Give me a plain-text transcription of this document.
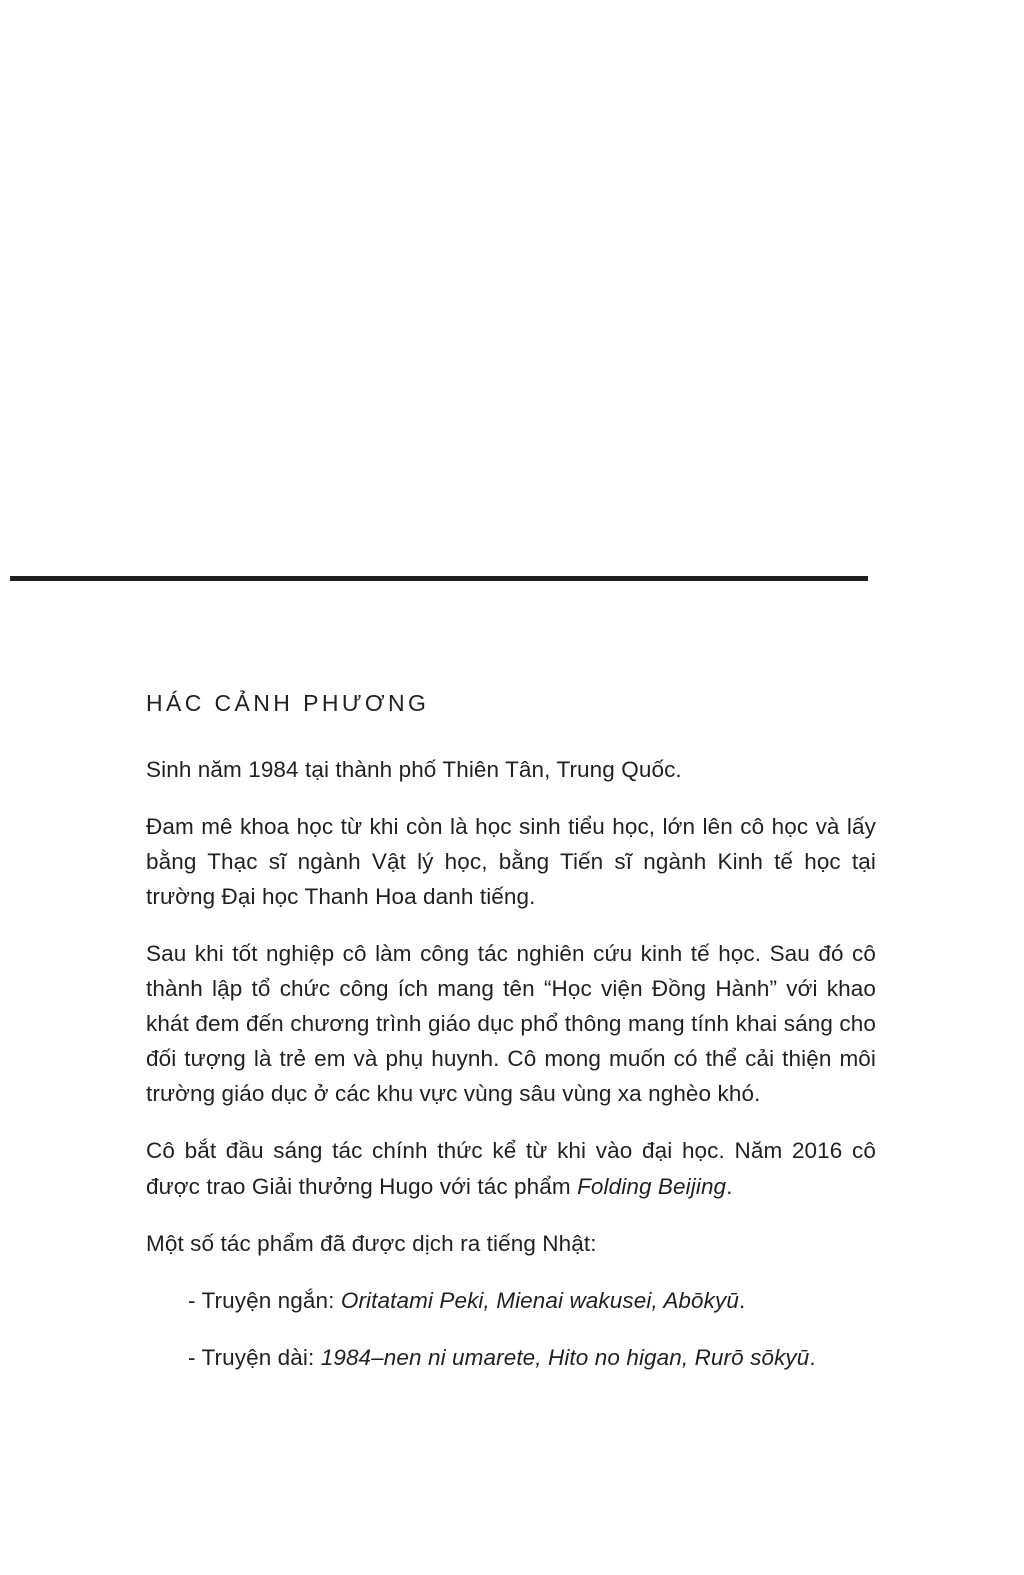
HÁC CẢNH PHƯƠNG

Sinh năm 1984 tại thành phố Thiên Tân, Trung Quốc.

Đam mê khoa học từ khi còn là học sinh tiểu học, lớn lên cô học và lấy bằng Thạc sĩ ngành Vật lý học, bằng Tiến sĩ ngành Kinh tế học tại trường Đại học Thanh Hoa danh tiếng.

Sau khi tốt nghiệp cô làm công tác nghiên cứu kinh tế học. Sau đó cô thành lập tổ chức công ích mang tên “Học viện Đồng Hành” với khao khát đem đến chương trình giáo dục phổ thông mang tính khai sáng cho đối tượng là trẻ em và phụ huynh. Cô mong muốn có thể cải thiện môi trường giáo dục ở các khu vực vùng sâu vùng xa nghèo khó.

Cô bắt đầu sáng tác chính thức kể từ khi vào đại học. Năm 2016 cô được trao Giải thưởng Hugo với tác phẩm Folding Beijing.

Một số tác phẩm đã được dịch ra tiếng Nhật:

- Truyện ngắn: Oritatami Peki, Mienai wakusei, Abōkyū.

- Truyện dài: 1984–nen ni umarete, Hito no higan, Rurō sōkyū.
